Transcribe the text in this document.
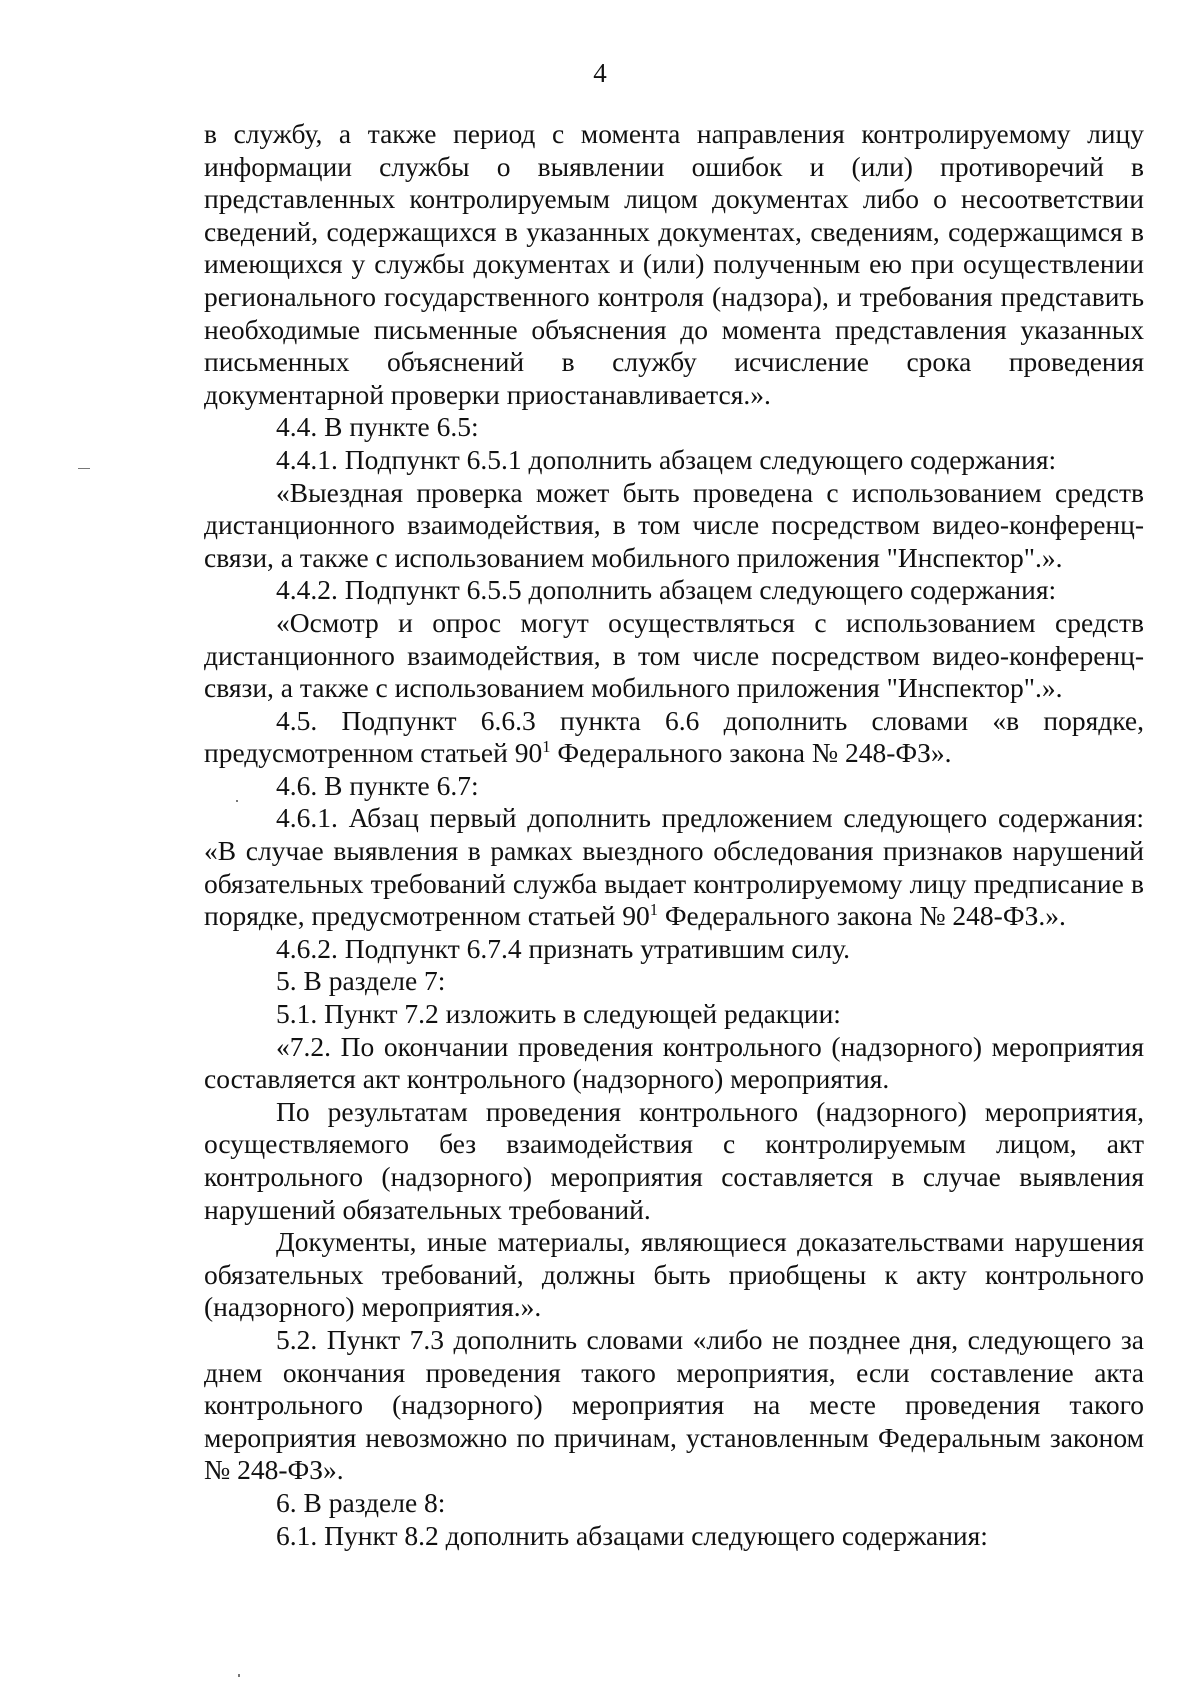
4

в службу, а также период с момента направления контролируемому лицу информации службы о выявлении ошибок и (или) противоречий в представленных контролируемым лицом документах либо о несоответствии сведений, содержащихся в указанных документах, сведениям, содержащимся в имеющихся у службы документах и (или) полученным ею при осуществлении регионального государственного контроля (надзора), и требования представить необходимые письменные объяснения до момента представления указанных письменных объяснений в службу исчисление срока проведения документарной проверки приостанавливается.».

4.4. В пункте 6.5:

4.4.1. Подпункт 6.5.1 дополнить абзацем следующего содержания:

«Выездная проверка может быть проведена с использованием средств дистанционного взаимодействия, в том числе посредством видео-конференц-связи, а также с использованием мобильного приложения "Инспектор".».

4.4.2. Подпункт 6.5.5 дополнить абзацем следующего содержания:

«Осмотр и опрос могут осуществляться с использованием средств дистанционного взаимодействия, в том числе посредством видео-конференц-связи, а также с использованием мобильного приложения "Инспектор".».

4.5. Подпункт 6.6.3 пункта 6.6 дополнить словами «в порядке, предусмотренном статьей $90^1$ Федерального закона № 248-ФЗ».

4.6. В пункте 6.7:

4.6.1. Абзац первый дополнить предложением следующего содержания: «В случае выявления в рамках выездного обследования признаков нарушений обязательных требований служба выдает контролируемому лицу предписание в порядке, предусмотренном статьей $90^1$ Федерального закона № 248-ФЗ.».

4.6.2. Подпункт 6.7.4 признать утратившим силу.

5. В разделе 7:

5.1. Пункт 7.2 изложить в следующей редакции:

«7.2. По окончании проведения контрольного (надзорного) мероприятия составляется акт контрольного (надзорного) мероприятия.

По результатам проведения контрольного (надзорного) мероприятия, осуществляемого без взаимодействия с контролируемым лицом, акт контрольного (надзорного) мероприятия составляется в случае выявления нарушений обязательных требований.

Документы, иные материалы, являющиеся доказательствами нарушения обязательных требований, должны быть приобщены к акту контрольного (надзорного) мероприятия.».

5.2. Пункт 7.3 дополнить словами «либо не позднее дня, следующего за днем окончания проведения такого мероприятия, если составление акта контрольного (надзорного) мероприятия на месте проведения такого мероприятия невозможно по причинам, установленным Федеральным законом № 248-ФЗ».

6. В разделе 8:

6.1. Пункт 8.2 дополнить абзацами следующего содержания:
